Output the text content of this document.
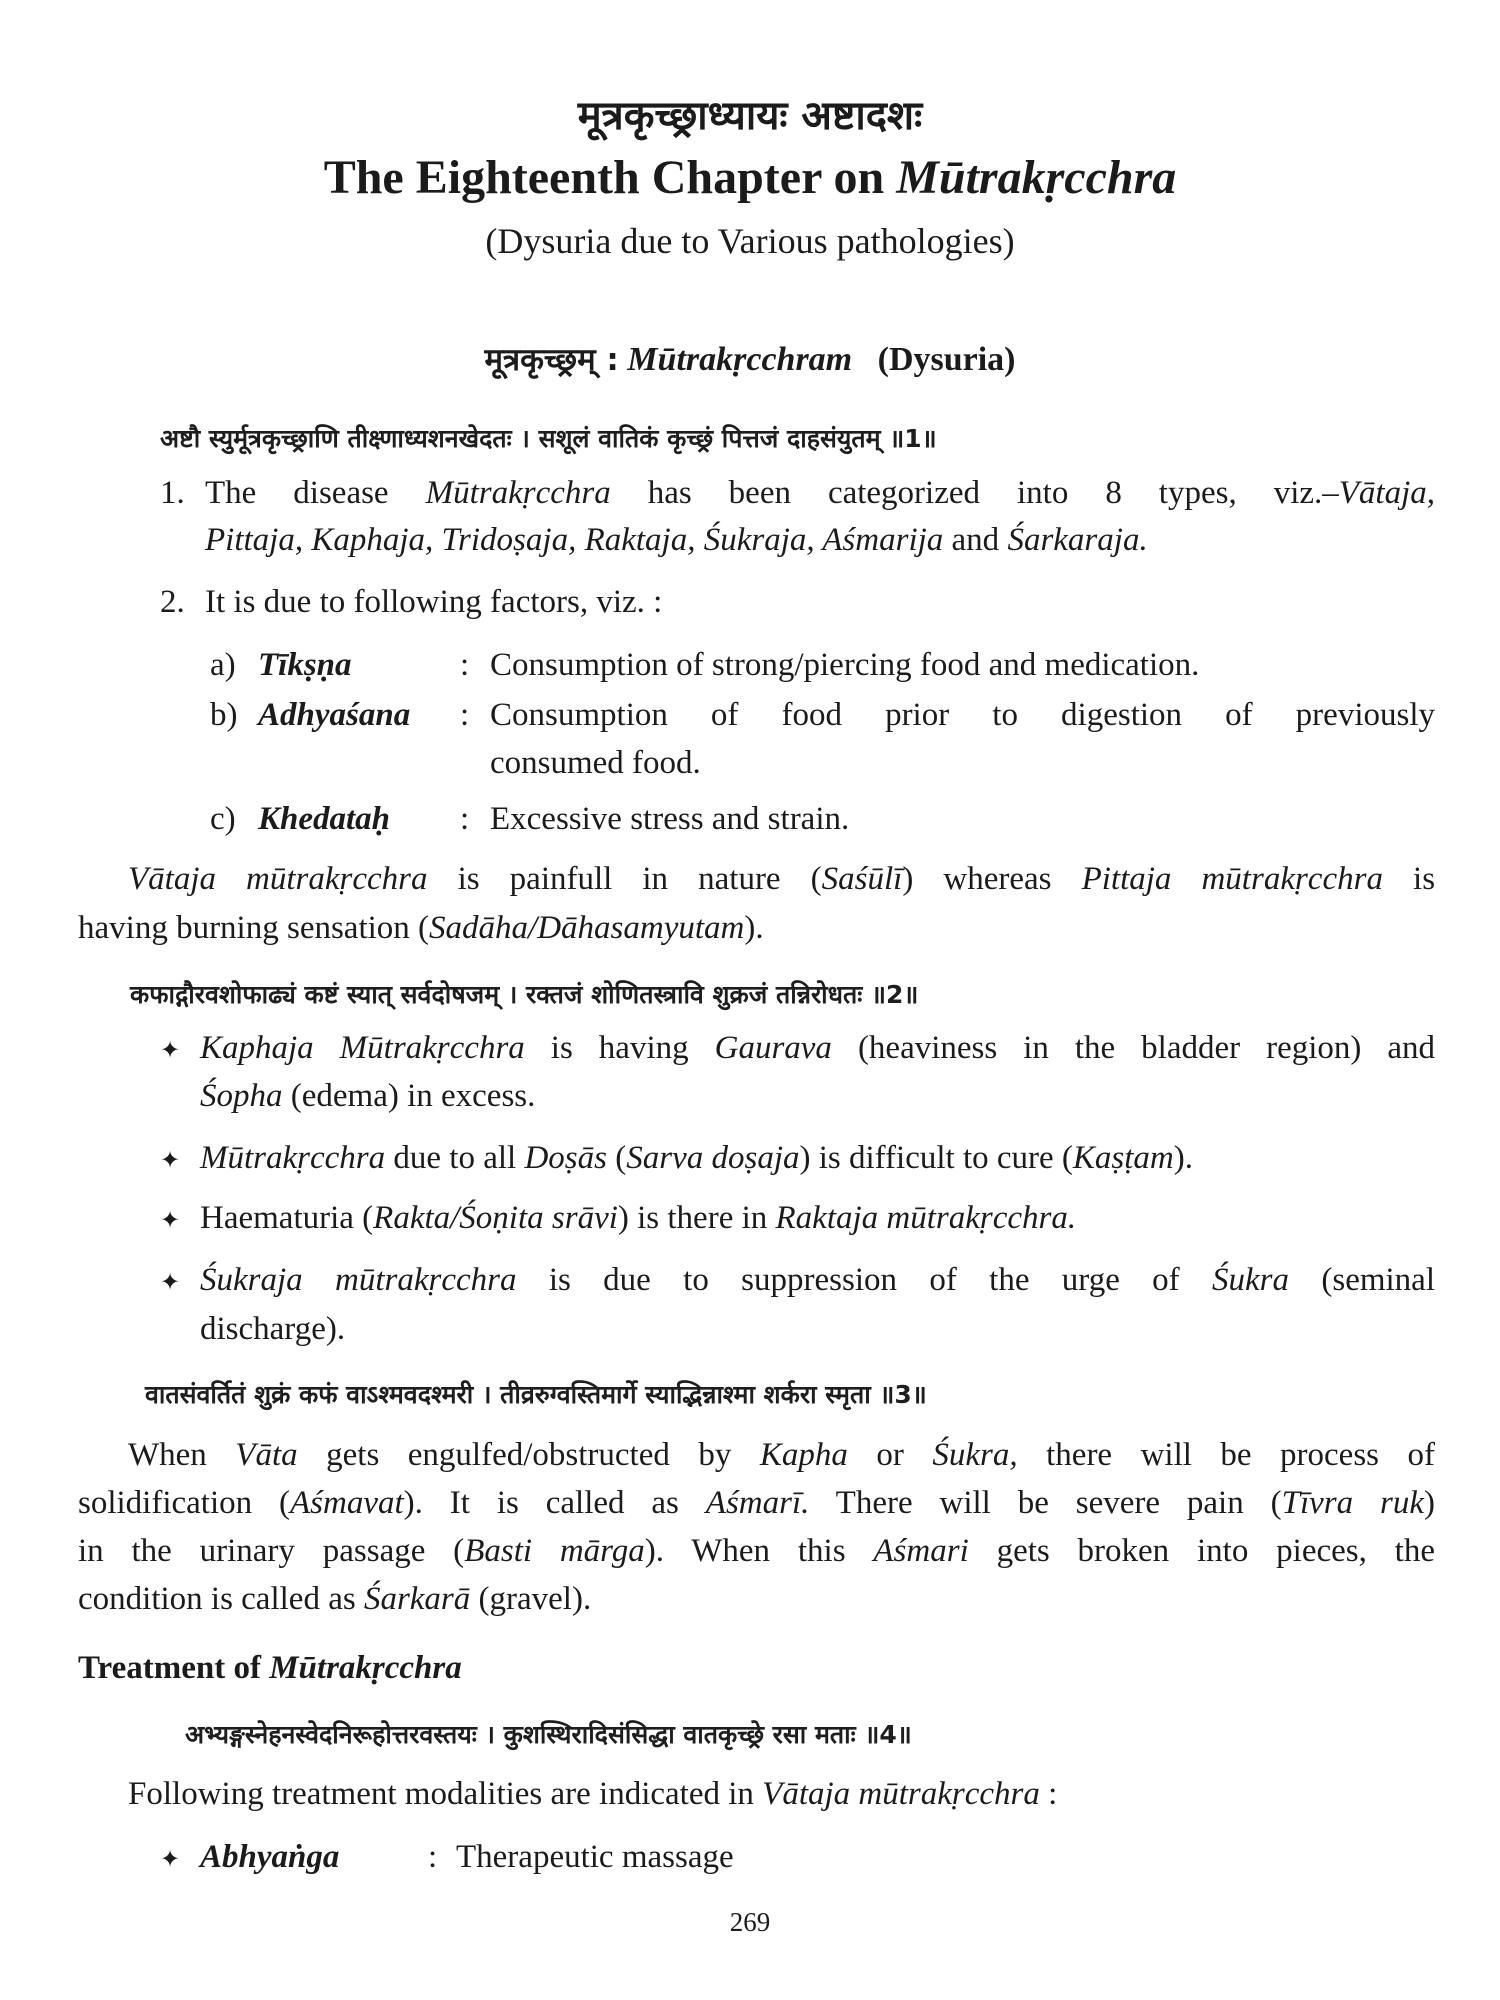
मूत्रकृच्छ्राध्यायः अष्टादशः
The Eighteenth Chapter on Mūtrakṛcchra
(Dysuria due to Various pathologies)
मूत्रकृच्छ्रम् : Mūtrakṛcchram (Dysuria)
अष्टौ स्युर्मूत्रकृच्छ्राणि तीक्ष्णाध्यशनखेदतः । सशूलं वातिकं कृच्छ्रं पित्तजं दाहसंयुतम् ॥1॥
1. The disease Mūtrakṛcchra has been categorized into 8 types, viz.–Vātaja,
Pittaja, Kaphaja, Tridoṣaja, Raktaja, Śukraja, Aśmarija and Śarkaraja.
2. It is due to following factors, viz. :
a) Tīkṣṇa	: Consumption of strong/piercing food and medication.
b) Adhyaśana : Consumption of food prior to digestion of previously
consumed food.
c) Khedataḥ : Excessive stress and strain.
Vātaja mūtrakṛcchra is painfull in nature (Saśūlī) whereas Pittaja mūtrakṛcchra is
having burning sensation (Sadāha/Dāhasamyutam).
कफाद्गौरवशोफाढ्यं कष्टं स्यात् सर्वदोषजम् । रक्तजं शोणितस्त्रावि शुक्रजं तन्निरोधतः ॥2॥
✦ Kaphaja Mūtrakṛcchra is having Gaurava (heaviness in the bladder region) and
Śopha (edema) in excess.
✦ Mūtrakṛcchra due to all Doṣās (Sarva doṣaja) is difficult to cure (Kaṣṭam).
✦ Haematuria (Rakta/Śoṇita srāvi) is there in Raktaja mūtrakṛcchra.
✦ Śukraja mūtrakṛcchra is due to suppression of the urge of Śukra (seminal
discharge).
वातसंवर्तितं शुक्रं कफं वाऽश्मवदश्मरी । तीव्ररुग्वस्तिमार्गे स्याद्भिन्नाश्मा शर्करा स्मृता ॥3॥
When Vāta gets engulfed/obstructed by Kapha or Śukra, there will be process of
solidification (Aśmavat). It is called as Aśmarī. There will be severe pain (Tīvra ruk)
in the urinary passage (Basti mārga). When this Aśmari gets broken into pieces, the
condition is called as Śarkarā (gravel).
Treatment of Mūtrakṛcchra
अभ्यङ्गस्नेहनस्वेदनिरूहोत्तरवस्तयः । कुशस्थिरादिसंसिद्धा वातकृच्छ्रे रसा मताः ॥4॥
Following treatment modalities are indicated in Vātaja mūtrakṛcchra :
✦ Abhyaṅga	: Therapeutic massage
269
